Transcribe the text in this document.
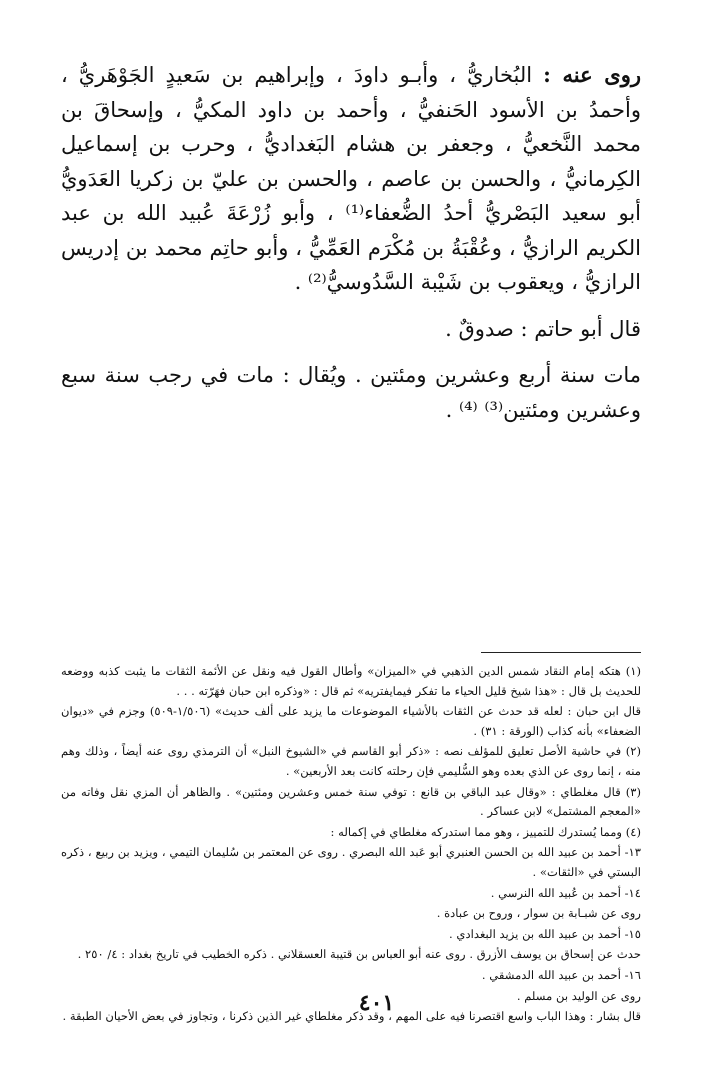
روى عنه : البُخاريُّ ، وأبـو داودَ ، وإبراهيم بن سَعيدٍ الجَوْهَريُّ ، وأحمدُ بن الأسود الحَنفيُّ ، وأحمد بن داود المكيُّ ، وإسحاقَ بن محمد النَّخعيُّ ، وجعفر بن هشام البَغداديُّ ، وحرب بن إسماعيل الكِرمانيُّ ، والحسن بن عاصم ، والحسن بن عليّ بن زكريا العَدَويُّ أبو سعيد البَصْريُّ أحدُ الضُّعفاء⁽¹⁾ ، وأبو زُرْعَةَ عُبيد الله بن عبد الكريم الرازيُّ ، وعُقْبَةُ بن مُكْرَم العَمِّيُّ ، وأبو حاتِم محمد بن إدريس الرازيُّ ، ويعقوب بن شَيْبة السَّدُوسيُّ⁽²⁾ .

قال أبو حاتم : صدوقٌ .

مات سنة أربع وعشرين ومئتين . ويُقال : مات في رجب سنة سبع وعشرين ومئتين⁽³⁾ ⁽⁴⁾ .

(١) هتكه إمام النقاد شمس الدين الذهبي في «الميزان» وأطال القول فيه ونقل عن الأئمة الثقات ما يثبت كذبه ووضعه للحديث بل قال : «هذا شيخ قليل الحياء ما تفكر فيمايفتريه» ثم قال : «وذكره ابن حبان فهَرّته . . .

قال ابن حبان : لعله قد حدث عن الثقات بالأشياء الموضوعات ما يزيد على ألف حديث» (١/٥٠٦-٥٠٩) وجزم في «ديوان الضعفاء» بأنه كذاب (الورقة : ٣١) .

(٢) في حاشية الأصل تعليق للمؤلف نصه : «ذكر أبو القاسم في «الشيوخ النبل» أن الترمذي روى عنه أيضاً ، وذلك وهم منه ، إنما روى عن الذي بعده وهو السُّليمي فإن رحلته كانت بعد الأربعين» .

(٣) قال مغلطاي : «وقال عبد الباقي بن قانع : توفي سنة خمس وعشرين ومئتين» . والظاهر أن المزي نقل وفاته من «المعجم المشتمل» لابن عساكر .

(٤) ومما يُستدرك للتمييز ، وهو مما استدركه مغلطاي في إكماله :

١٣- أحمد بن عبيد الله بن الحسن العنبري أبو عَبد الله البصري . روى عن المعتمر بن سُليمان التيمي ، ويزيد بن ربيع ، ذكره البستي في «الثقات» .

١٤- أحمد بن عُبيد الله النرسي .

روى عن شبـابة بن سوار ، وروح بن عبادة .

١٥- أحمد بن عبيد الله بن يزيد البغدادي .

حدث عن إسحاق بن يوسف الأزرق . روى عنه أبو العباس بن قتيبة العسقلاني . ذكره الخطيب في تاريخ بغداد : ٤/ ٢٥٠ .

١٦- أحمد بن عبيد الله الدمشقي .

روى عن الوليد بن مسلم .

قال بشار : وهذا الباب واسع اقتصرنا فيه على المهم ، وقد ذكر مغلطاي غير الذين ذكرنا ، وتجاوز في بعض الأحيان الطبقة .

٤٠١
